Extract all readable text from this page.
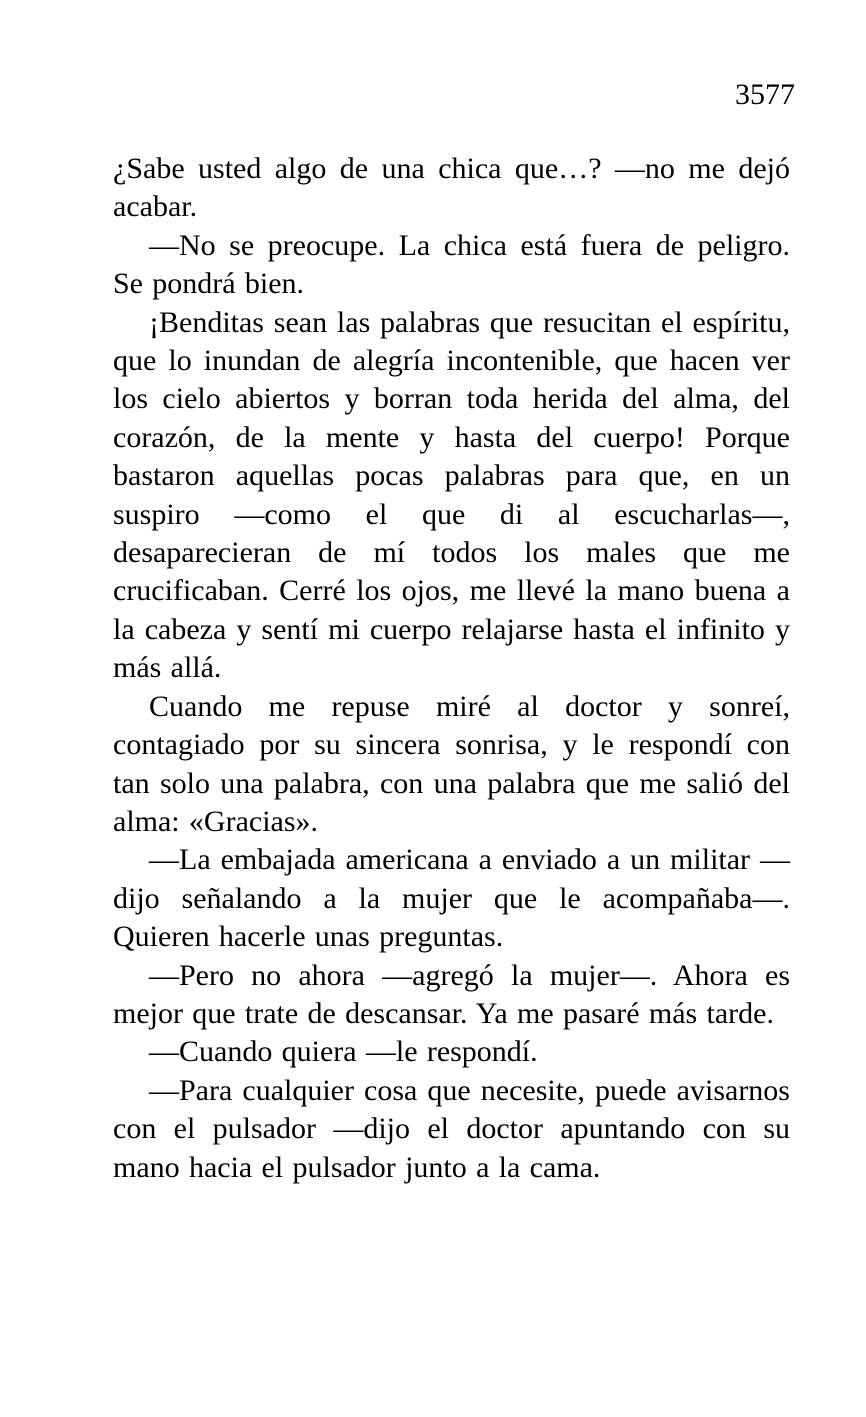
3577

¿Sabe usted algo de una chica que…? —no me dejó acabar.

—No se preocupe. La chica está fuera de peligro. Se pondrá bien.

¡Benditas sean las palabras que resucitan el espíritu, que lo inundan de alegría incontenible, que hacen ver los cielo abiertos y borran toda herida del alma, del corazón, de la mente y hasta del cuerpo! Porque bastaron aquellas pocas palabras para que, en un suspiro —como el que di al escucharlas—, desaparecieran de mí todos los males que me crucificaban. Cerré los ojos, me llevé la mano buena a la cabeza y sentí mi cuerpo relajarse hasta el infinito y más allá.

Cuando me repuse miré al doctor y sonreí, contagiado por su sincera sonrisa, y le respondí con tan solo una palabra, con una palabra que me salió del alma: «Gracias».

—La embajada americana a enviado a un militar —dijo señalando a la mujer que le acompañaba—. Quieren hacerle unas preguntas.

—Pero no ahora —agregó la mujer—. Ahora es mejor que trate de descansar. Ya me pasaré más tarde.

—Cuando quiera —le respondí.

—Para cualquier cosa que necesite, puede avisarnos con el pulsador —dijo el doctor apuntando con su mano hacia el pulsador junto a la cama.
